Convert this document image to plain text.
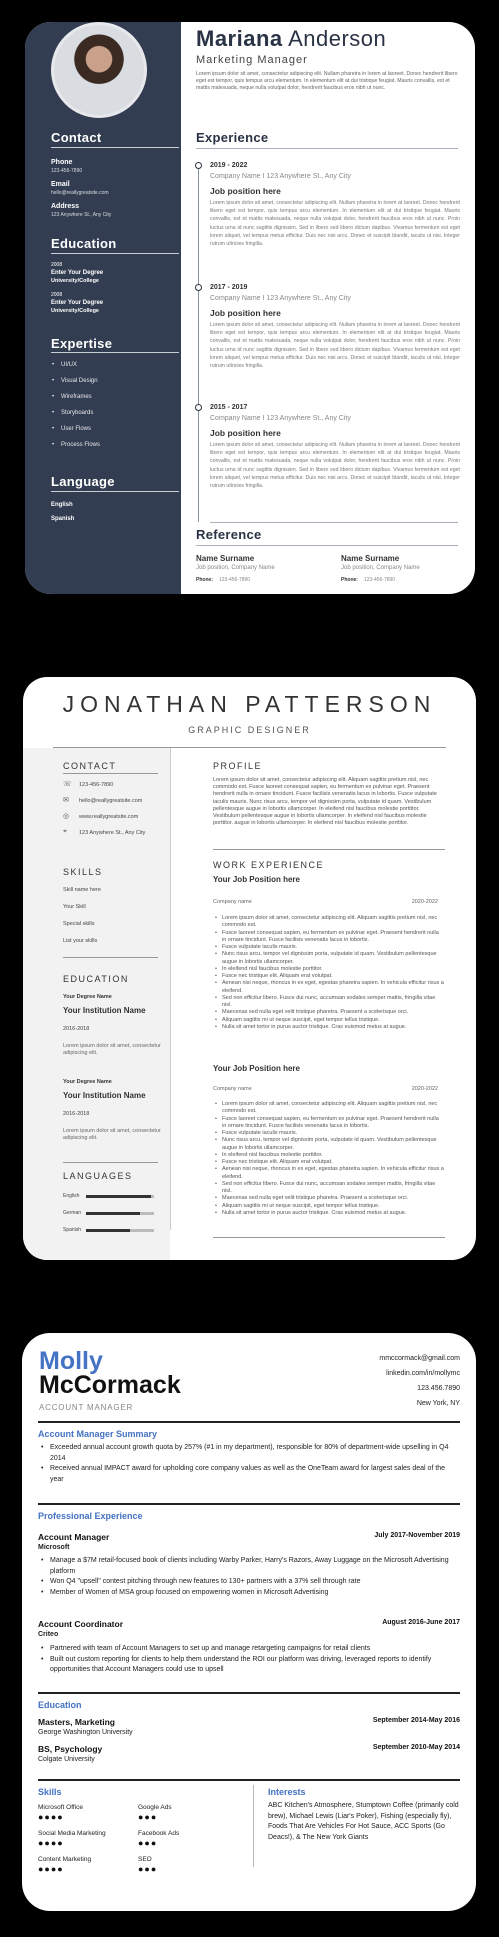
Contact
Phone
123-456-7890
Email
hello@reallygreatsite.com
Address
123 Anywhere St., Any City
Education
2008
Enter Your Degree
University/College
2008
Enter Your Degree
University/College
Expertise
• UI/UX
• Visual Design
• Wireframes
• Storyboards
• User Flows
• Process Flows
Language
English
Spanish
Mariana Anderson
Marketing Manager
Lorem ipsum dolor sit amet, consectetur adipiscing elit. Nullam pharetra in lorem at laoreet. Donec hendrerit libero eget est tempor, quis tempus arcu elementum. In elementum elit at dui tristique feugiat. Mauris convallis, est et mattis malesuada, neque nulla volutpat dolor, hendrerit faucibus eros nibh ut nunc.
Experience
2019 - 2022
Company Name I 123 Anywhere St., Any City
Job position here
Lorem ipsum dolor sit amet, consectetur adipiscing elit. Nullam pharetra in lorem at laoreet. Donec hendrerit libero eget est tempor, quis tempus arcu elementum. In elementum elit at dui tristique feugiat. Mauris convallis, est et mattis malesuada, neque nulla volutpat dolor, hendrerit faucibus eros nibh ut nunc. Proin luctus urna id nunc sagittis dignissim. Sed in libero sed libero dictum dapibus. Vivamus fermentum est eget lorem aliquet, vel tempus metus efficitur. Duis nec nisi arcu. Donec et suscipit blandit, iaculis ut nisi. Integer rutrum ultricies fringilla.
2017 - 2019
Company Name I 123 Anywhere St., Any City
Job position here
Lorem ipsum dolor sit amet, consectetur adipiscing elit. Nullam pharetra in lorem at laoreet. Donec hendrerit libero eget est tempor, quis tempus arcu elementum. In elementum elit at dui tristique feugiat. Mauris convallis, est et mattis malesuada, neque nulla volutpat dolor, hendrerit faucibus eros nibh ut nunc. Proin luctus urna id nunc sagittis dignissim. Sed in libero sed libero dictum dapibus. Vivamus fermentum est eget lorem aliquet, vel tempus metus efficitur. Duis nec nisi arcu. Donec et suscipit blandit, iaculis ut nisi. Integer rutrum ultricies fringilla.
2015 - 2017
Company Name I 123 Anywhere St., Any City
Job position here
Lorem ipsum dolor sit amet, consectetur adipiscing elit. Nullam pharetra in lorem at laoreet. Donec hendrerit libero eget est tempor, quis tempus arcu elementum. In elementum elit at dui tristique feugiat. Mauris convallis, est et mattis malesuada, neque nulla volutpat dolor, hendrerit faucibus eros nibh ut nunc. Proin luctus urna id nunc sagittis dignissim. Sed in libero sed libero dictum dapibus. Vivamus fermentum est eget lorem aliquet, vel tempus metus efficitur. Duis nec nisi arcu. Donec et suscipit blandit, iaculis ut nisi. Integer rutrum ultricies fringilla.
Reference
Name Surname
Job position, Company Name
Phone: 123-456-7890
Name Surname
Job position, Company Name
Phone: 123-456-7890
JONATHAN PATTERSON
GRAPHIC DESIGNER
CONTACT
☏ 123-456-7890
✉ hello@reallygreatsite.com
◎ www.reallygreatsite.com
⌖ 123 Anywhere St., Any City
SKILLS
Skill name here
Your Skill
Special skills
List your skills
EDUCATION
Your Degree Name
Your Institution Name
2016-2018
Lorem ipsum dolor sit amet, consectetur adipiscing elit.
Your Degree Name
Your Institution Name
2016-2018
Lorem ipsum dolor sit amet, consectetur adipiscing elit.
LANGUAGES
English
German
Spanish
PROFILE
Lorem ipsum dolor sit amet, consectetur adipiscing elit. Aliquam sagittis pretium nisl, nec commodo est. Fusce laoreet consequat sapien, eu fermentum ex pulvinar eget. Praesent hendrerit nulla in ornare tincidunt. Fusce facilisis venenatis lacus in lobortis. Fusce vulputate iaculis mauris. Nunc risus arcu, tempor vel dignissim porta, vulputate id quam. Vestibulum pellentesque augue in lobortis ullamcorper. In eleifend nisl faucibus molestie porttitor. Vestibulum pellentesque augue in lobortis ullamcorper. In eleifend nisl faucibus molestie porttitor. augue in lobortis ullamcorper. In eleifend nisl faucibus molestie porttitor.
WORK EXPERIENCE
Your Job Position here
Company name	2020-2022
• Lorem ipsum dolor sit amet, consectetur adipiscing elit. Aliquam sagittis pretium nisl, nec commodo est.
• Fusce laoreet consequat sapien, eu fermentum ex pulvinar eget. Praesent hendrerit nulla in ornare tincidunt. Fusce facilisis venenatis lacus in lobortis.
• Fusce vulputate iaculis mauris.
• Nunc risus arcu, tempor vel dignissim porta, vulputate id quam. Vestibulum pellentesque augue in lobortis ullamcorper.
• In eleifend nisl faucibus molestie porttitor.
• Fusce nec tristique elit. Aliquam erat volutpat.
• Aenean nisi neque, rhoncus in ex eget, egestas pharetra sapien. In vehicula efficitur risus a eleifend.
• Sed non efficitur libero. Fusce dui nunc, accumsan sodales semper mattis, fringilla vitae nisl.
• Maecenas sed nulla eget velit tristique pharetra. Praesent a scelerisque orci.
• Aliquam sagittis mi ut neque suscipit, eget tempor tellus tristique.
• Nulla sit amet tortor in purus auctor tristique. Cras euismod metus at augue.
Your Job Position here
Company name	2020-2022
• Lorem ipsum dolor sit amet, consectetur adipiscing elit. Aliquam sagittis pretium nisl, nec commodo est.
• Fusce laoreet consequat sapien, eu fermentum ex pulvinar eget. Praesent hendrerit nulla in ornare tincidunt. Fusce facilisis venenatis lacus in lobortis.
• Fusce vulputate iaculis mauris.
• Nunc risus arcu, tempor vel dignissim porta, vulputate id quam. Vestibulum pellentesque augue in lobortis ullamcorper.
• In eleifend nisl faucibus molestie porttitor.
• Fusce nec tristique elit. Aliquam erat volutpat.
• Aenean nisi neque, rhoncus in ex eget, egestas pharetra sapien. In vehicula efficitur risus a eleifend.
• Sed non efficitur libero. Fusce dui nunc, accumsan sodales semper mattis, fringilla vitae nisl.
• Maecenas sed nulla eget velit tristique pharetra. Praesent a scelerisque orci.
• Aliquam sagittis mi ut neque suscipit, eget tempor tellus tristique.
• Nulla sit amet tortor in purus auctor tristique. Cras euismod metus at augue.
Molly
McCormack
ACCOUNT MANAGER
mmccormack@gmail.com
linkedin.com/in/mollymc
123.456.7890
New York, NY
Account Manager Summary
• Exceeded annual account growth quota by 257% (#1 in my department), responsible for 80% of department-wide upselling in Q4 2014
• Received annual IMPACT award for upholding core company values as well as the OneTeam award for largest sales deal of the year
Professional Experience
Account Manager	July 2017-November 2019
Microsoft
• Manage a $7M retail-focused book of clients including Warby Parker, Harry's Razors, Away Luggage on the Microsoft Advertising platform
• Won Q4 "upsell" contest pitching through new features to 130+ partners with a 37% sell through rate
• Member of Women of MSA group focused on empowering women in Microsoft Advertising
Account Coordinator	August 2016-June 2017
Criteo
• Partnered with team of Account Managers to set up and manage retargeting campaigns for retail clients
• Built out custom reporting for clients to help them understand the ROI our platform was driving, leveraged reports to identify opportunities that Account Managers could use to upsell
Education
Masters, Marketing	September 2014-May 2016
George Washington University
BS, Psychology	September 2010-May 2014
Colgate University
Skills
Microsoft Office
●●●●
Google Ads
●●●
Social Media Marketing
●●●●
Facebook Ads
●●●
Content Marketing
●●●●
SEO
●●●
Interests
ABC Kitchen's Atmosphere, Stumptown Coffee (primarily cold brew), Michael Lewis (Liar's Poker), Fishing (especially fly), Foods That Are Vehicles For Hot Sauce, ACC Sports (Go Deacs!), & The New York Giants
